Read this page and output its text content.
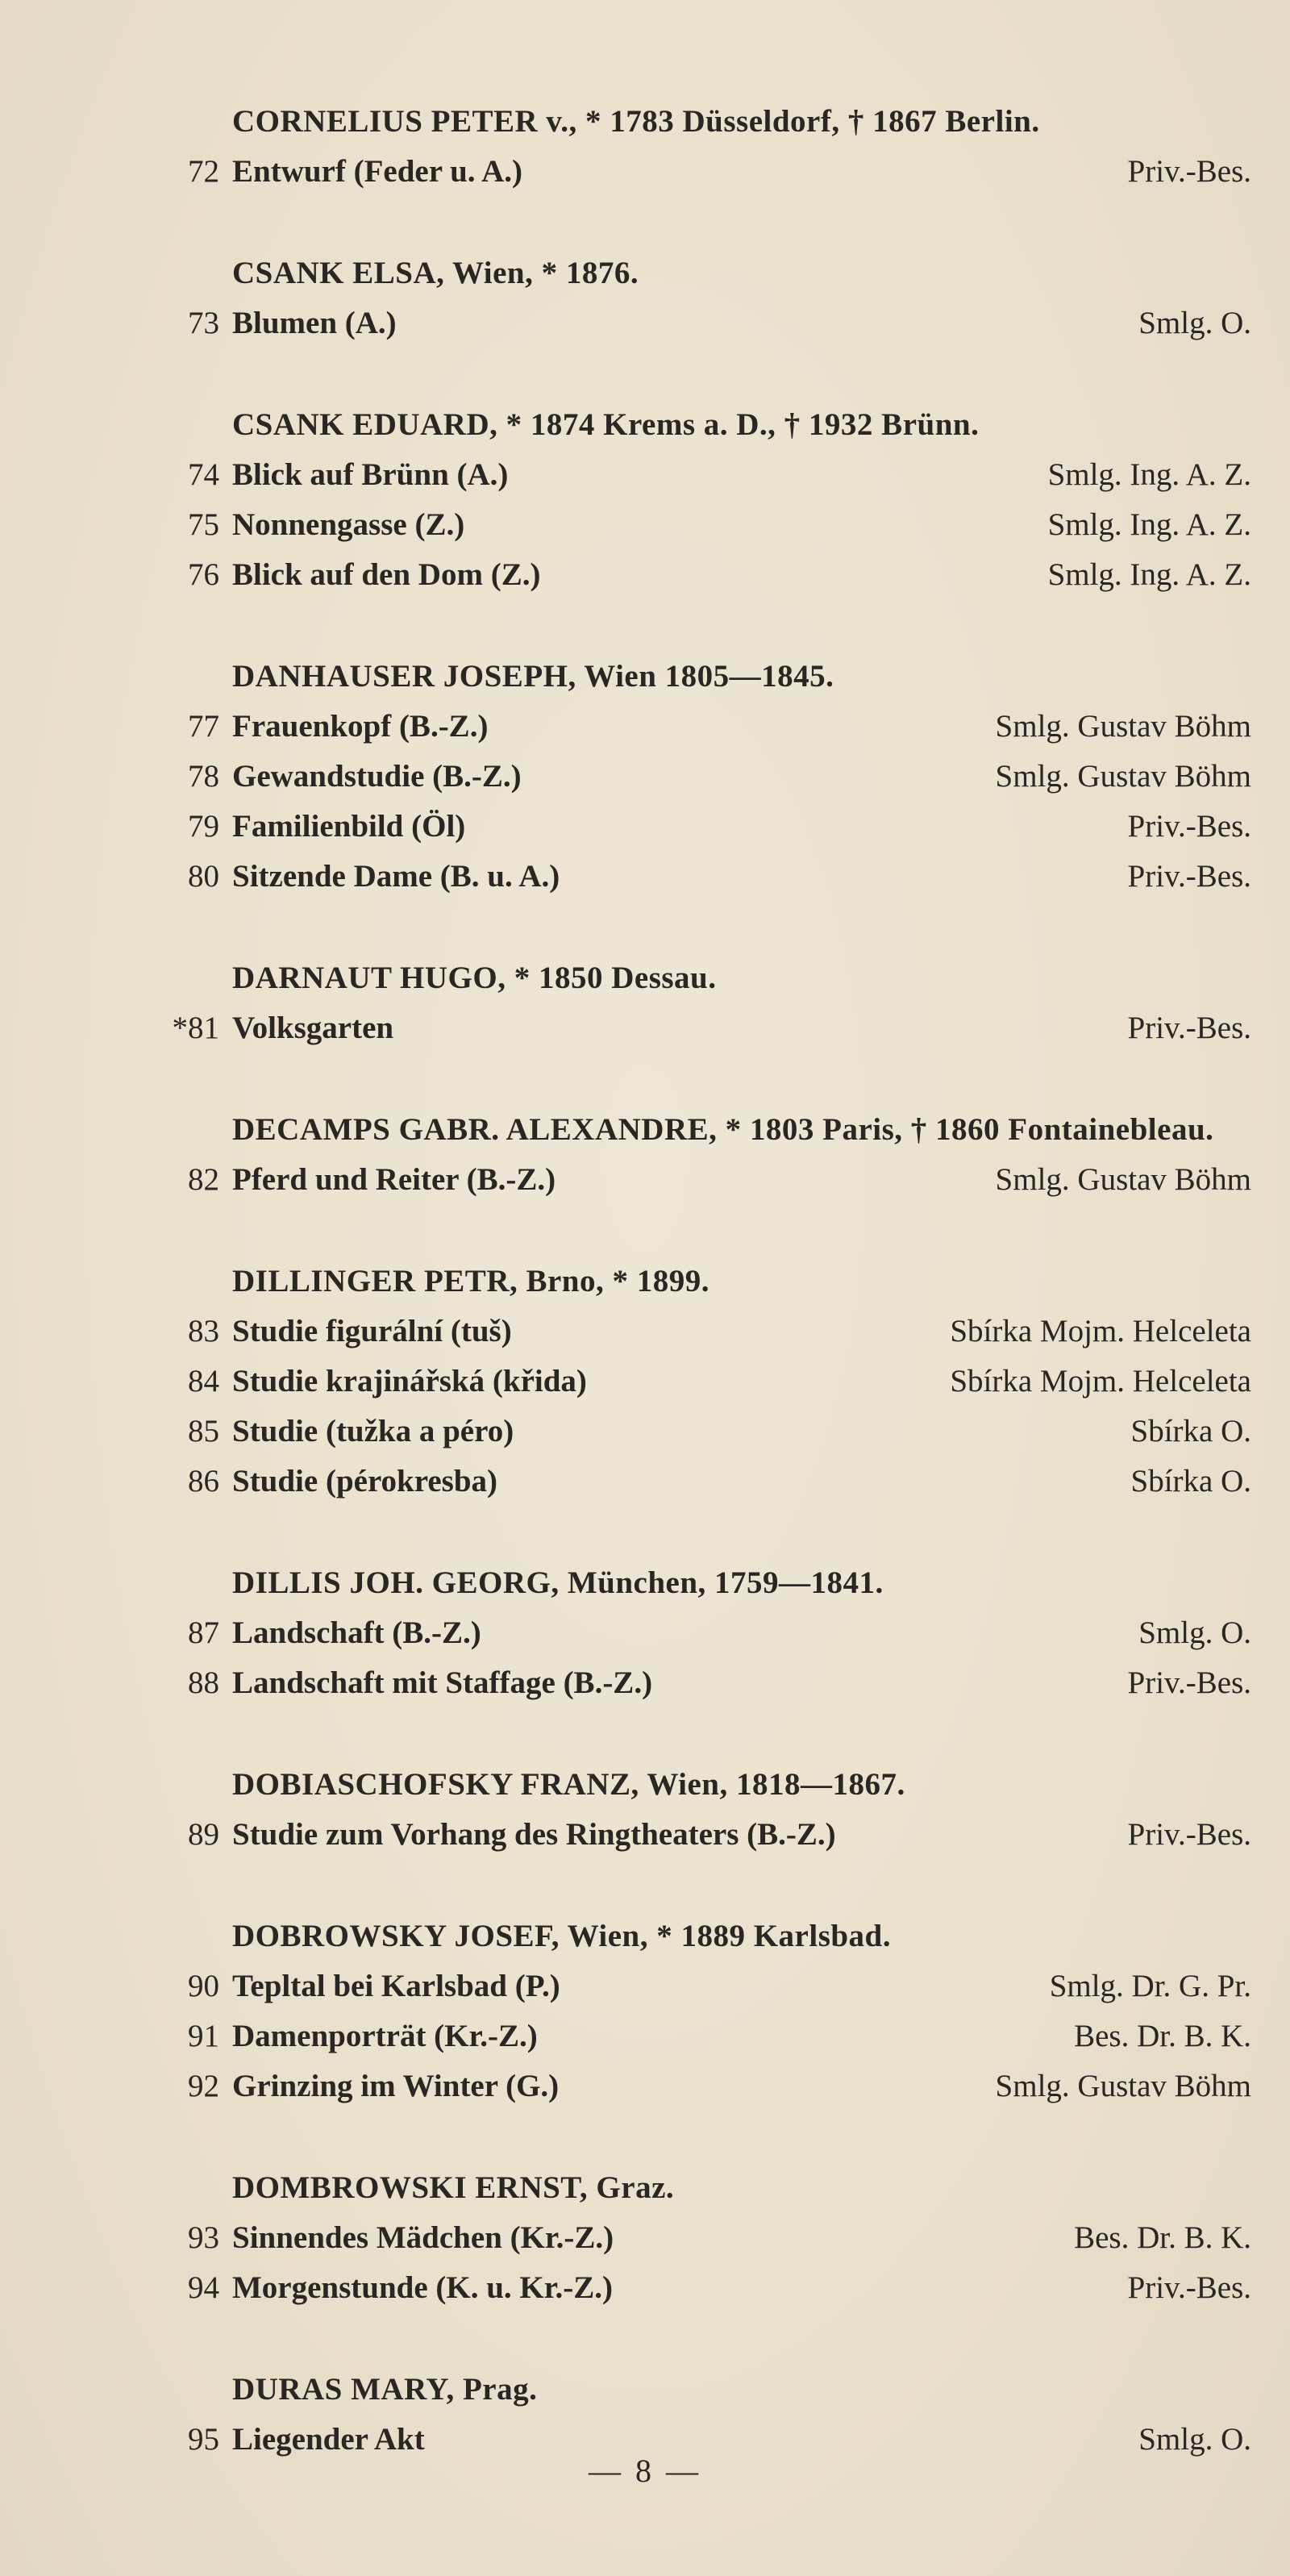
CORNELIUS PETER v., * 1783 Düsseldorf, † 1867 Berlin.
72 Entwurf (Feder u. A.)	Priv.-Bes.
CSANK ELSA, Wien, * 1876.
73 Blumen (A.)	Smlg. O.
CSANK EDUARD, * 1874 Krems a. D., † 1932 Brünn.
74 Blick auf Brünn (A.)	Smlg. Ing. A. Z.
75 Nonnengasse (Z.)	Smlg. Ing. A. Z.
76 Blick auf den Dom (Z.)	Smlg. Ing. A. Z.
DANHAUSER JOSEPH, Wien 1805—1845.
77 Frauenkopf (B.-Z.)	Smlg. Gustav Böhm
78 Gewandstudie (B.-Z.)	Smlg. Gustav Böhm
79 Familienbild (Öl)	Priv.-Bes.
80 Sitzende Dame (B. u. A.)	Priv.-Bes.
DARNAUT HUGO, * 1850 Dessau.
*81 Volksgarten	Priv.-Bes.
DECAMPS GABR. ALEXANDRE, * 1803 Paris, † 1860 Fontainebleau.
82 Pferd und Reiter (B.-Z.)	Smlg. Gustav Böhm
DILLINGER PETR, Brno, * 1899.
83 Studie figurální (tuš)	Sbírka Mojm. Helceleta
84 Studie krajinářská (křida)	Sbírka Mojm. Helceleta
85 Studie (tužka a péro)	Sbírka O.
86 Studie (pérokresba)	Sbírka O.
DILLIS JOH. GEORG, München, 1759—1841.
87 Landschaft (B.-Z.)	Smlg. O.
88 Landschaft mit Staffage (B.-Z.)	Priv.-Bes.
DOBIASCHOFSKY FRANZ, Wien, 1818—1867.
89 Studie zum Vorhang des Ringtheaters (B.-Z.)	Priv.-Bes.
DOBROWSKY JOSEF, Wien, * 1889 Karlsbad.
90 Tepltal bei Karlsbad (P.)	Smlg. Dr. G. Pr.
91 Damenporträt (Kr.-Z.)	Bes. Dr. B. K.
92 Grinzing im Winter (G.)	Smlg. Gustav Böhm
DOMBROWSKI ERNST, Graz.
93 Sinnendes Mädchen (Kr.-Z.)	Bes. Dr. B. K.
94 Morgenstunde (K. u. Kr.-Z.)	Priv.-Bes.
DURAS MARY, Prag.
95 Liegender Akt	Smlg. O.
— 8 —
